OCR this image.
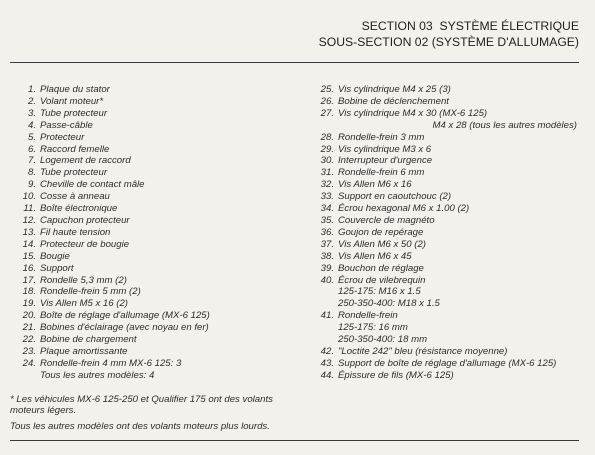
SECTION 03 SYSTÈME ÉLECTRIQUE
SOUS-SECTION 02 (SYSTÈME D'ALLUMAGE)
1. Plaque du stator
2. Volant moteur*
3. Tube protecteur
4. Passe-câble
5. Protecteur
6. Raccord femelle
7. Logement de raccord
8. Tube protecteur
9. Cheville de contact mâle
10. Cosse à anneau
11. Boîte électronique
12. Capuchon protecteur
13. Fil haute tension
14. Protecteur de bougie
15. Bougie
16. Support
17. Rondelle 5,3 mm (2)
18. Rondelle-frein 5 mm (2)
19. Vis Allen M5 x 16 (2)
20. Boîte de réglage d'allumage (MX-6 125)
21. Bobines d'éclairage (avec noyau en fer)
22. Bobine de chargement
23. Plaque amortissante
24. Rondelle-frein 4 mm MX-6 125: 3
Tous les autres modèles: 4
25. Vis cylindrique M4 x 25 (3)
26. Bobine de déclenchement
27. Vis cylindrique M4 x 30 (MX-6 125)
M4 x 28 (tous les autres modèles)
28. Rondelle-frein 3 mm
29. Vis cylindrique M3 x 6
30. Interrupteur d'urgence
31. Rondelle-frein 6 mm
32. Vis Allen M6 x 16
33. Support en caoutchouc (2)
34. Écrou hexagonal M6 x 1.00 (2)
35. Couvercle de magnéto
36. Goujon de repérage
37. Vis Allen M6 x 50 (2)
38. Vis Allen M6 x 45
39. Bouchon de réglage
40. Écrou de vilebrequin
125-175: M16 x 1.5
250-350-400: M18 x 1.5
41. Rondelle-frein
125-175: 16 mm
250-350-400: 18 mm
42. "Loctite 242" bleu (résistance moyenne)
43. Support de boîte de réglage d'allumage (MX-6 125)
44. Épissure de fils (MX-6 125)

* Les véhicules MX-6 125-250 et Qualifier 175 ont des volants moteurs légers.

Tous les autres modèles ont des volants moteurs plus lourds.
